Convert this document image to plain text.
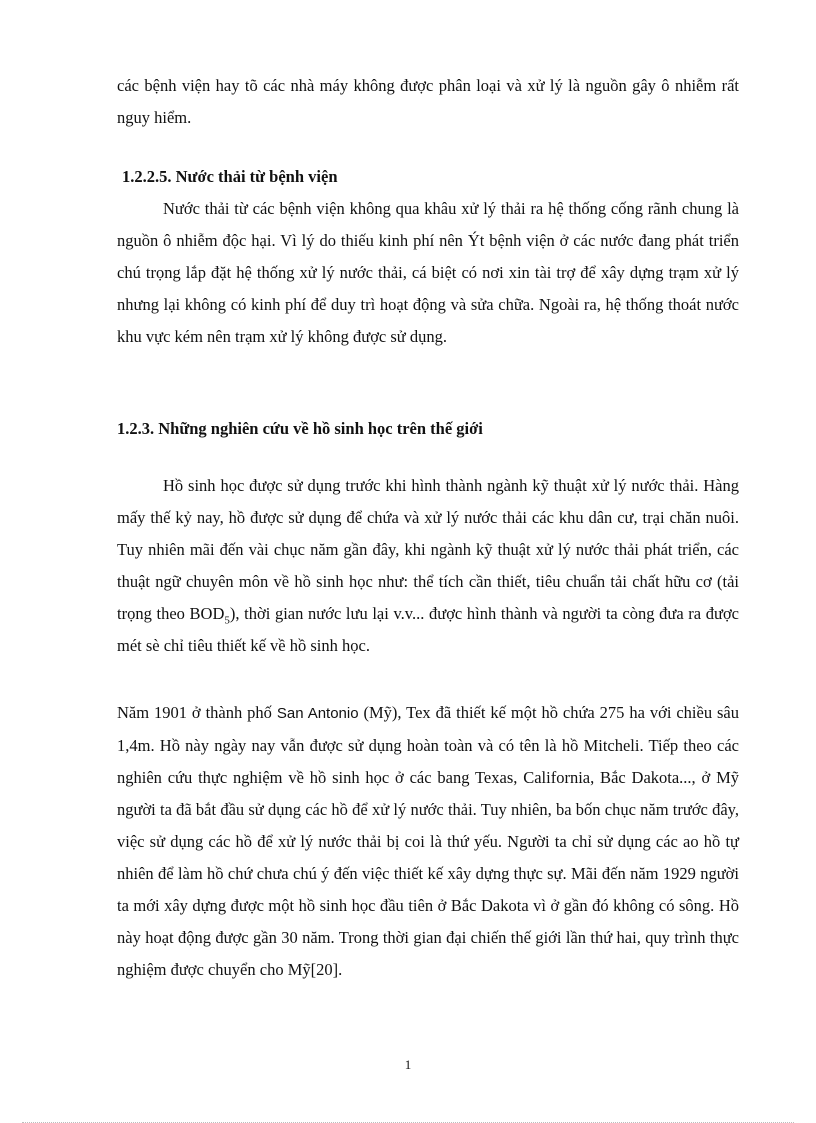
các bệnh viện hay tõ các nhà máy không được phân loại và xử lý là nguồn gây ô nhiễm rất nguy hiểm.
1.2.2.5. Nước thải từ bệnh viện
Nước thải từ các bệnh viện không qua khâu xử lý thải ra hệ thống cống rãnh chung là nguồn ô nhiễm độc hại. Vì lý do thiếu kinh phí nên Ýt bệnh viện ở các nước đang phát triển chú trọng lắp đặt hệ thống xử lý nước thải, cá biệt có nơi xin tài trợ để xây dựng trạm xử lý nhưng lại không có kinh phí để duy trì hoạt động và sửa chữa. Ngoài ra, hệ thống thoát nước khu vực kém nên trạm xử lý không được sử dụng.
1.2.3. Những nghiên cứu về hồ sinh học trên thế giới
Hồ sinh học được sử dụng trước khi hình thành ngành kỹ thuật xử lý nước thải. Hàng mấy thế kỷ nay, hồ được sử dụng để chứa và xử lý nước thải các khu dân cư, trại chăn nuôi. Tuy nhiên mãi đến vài chục năm gần đây, khi ngành kỹ thuật xử lý nước thải phát triển, các thuật ngữ chuyên môn về hồ sinh học như: thể tích cần thiết, tiêu chuẩn tải chất hữu cơ (tải trọng theo $BOD_5$), thời gian nước lưu lại v.v... được hình thành và người ta còng đưa ra được mét sè chỉ tiêu thiết kế về hồ sinh học.
Năm 1901 ở thành phố San Antonio (Mỹ), Tex đã thiết kế một hồ chứa 275 ha với chiều sâu 1,4m. Hồ này ngày nay vẫn được sử dụng hoàn toàn và có tên là hồ Mitcheli. Tiếp theo các nghiên cứu thực nghiệm về hồ sinh học ở các bang Texas, California, Bắc Dakota..., ở Mỹ người ta đã bắt đầu sử dụng các hồ để xử lý nước thải. Tuy nhiên, ba bốn chục năm trước đây, việc sử dụng các hồ để xử lý nước thải bị coi là thứ yếu. Người ta chỉ sử dụng các ao hồ tự nhiên để làm hồ chứ chưa chú ý đến việc thiết kế xây dựng thực sự. Mãi đến năm 1929 người ta mới xây dựng được một hồ sinh học đầu tiên ở Bắc Dakota vì ở gần đó không có sông. Hồ này hoạt động được gần 30 năm. Trong thời gian đại chiến thế giới lần thứ hai, quy trình thực nghiệm được chuyển cho Mỹ[20].
1
